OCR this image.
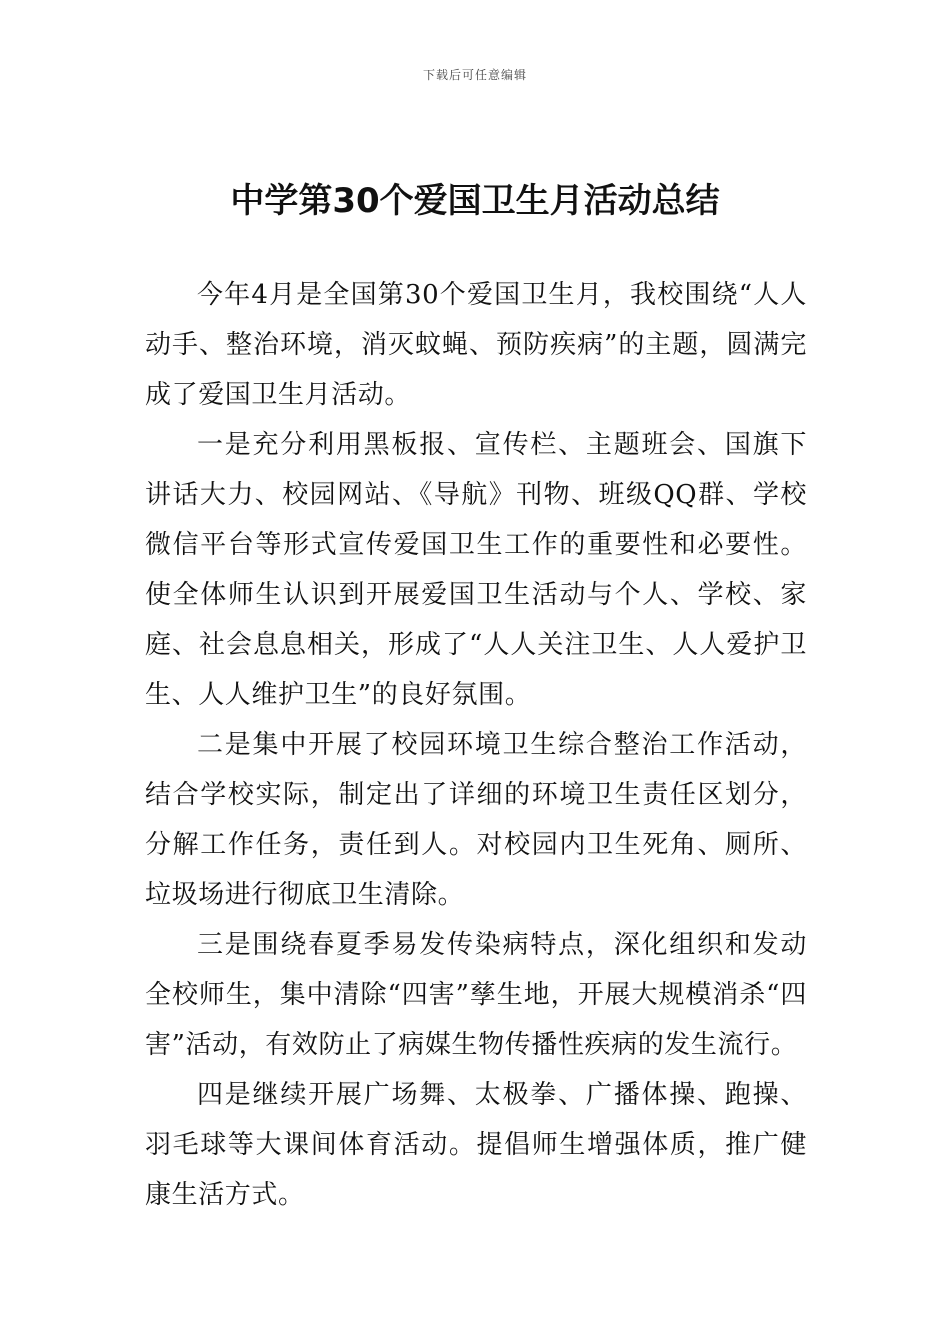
下载后可任意编辑
中学第30个爱国卫生月活动总结

今年4月是全国第30个爱国卫生月，我校围绕“人人动手、整治环境，消灭蚊蝇、预防疾病”的主题，圆满完成了爱国卫生月活动。

一是充分利用黑板报、宣传栏、主题班会、国旗下讲话大力、校园网站、《导航》刊物、班级QQ群、学校微信平台等形式宣传爱国卫生工作的重要性和必要性。使全体师生认识到开展爱国卫生活动与个人、学校、家庭、社会息息相关，形成了“人人关注卫生、人人爱护卫生、人人维护卫生”的良好氛围。

二是集中开展了校园环境卫生综合整治工作活动，结合学校实际，制定出了详细的环境卫生责任区划分，分解工作任务，责任到人。对校园内卫生死角、厕所、垃圾场进行彻底卫生清除。

三是围绕春夏季易发传染病特点，深化组织和发动全校师生，集中清除“四害”孳生地，开展大规模消杀“四害”活动，有效防止了病媒生物传播性疾病的发生流行。

四是继续开展广场舞、太极拳、广播体操、跑操、羽毛球等大课间体育活动。提倡师生增强体质，推广健康生活方式。
